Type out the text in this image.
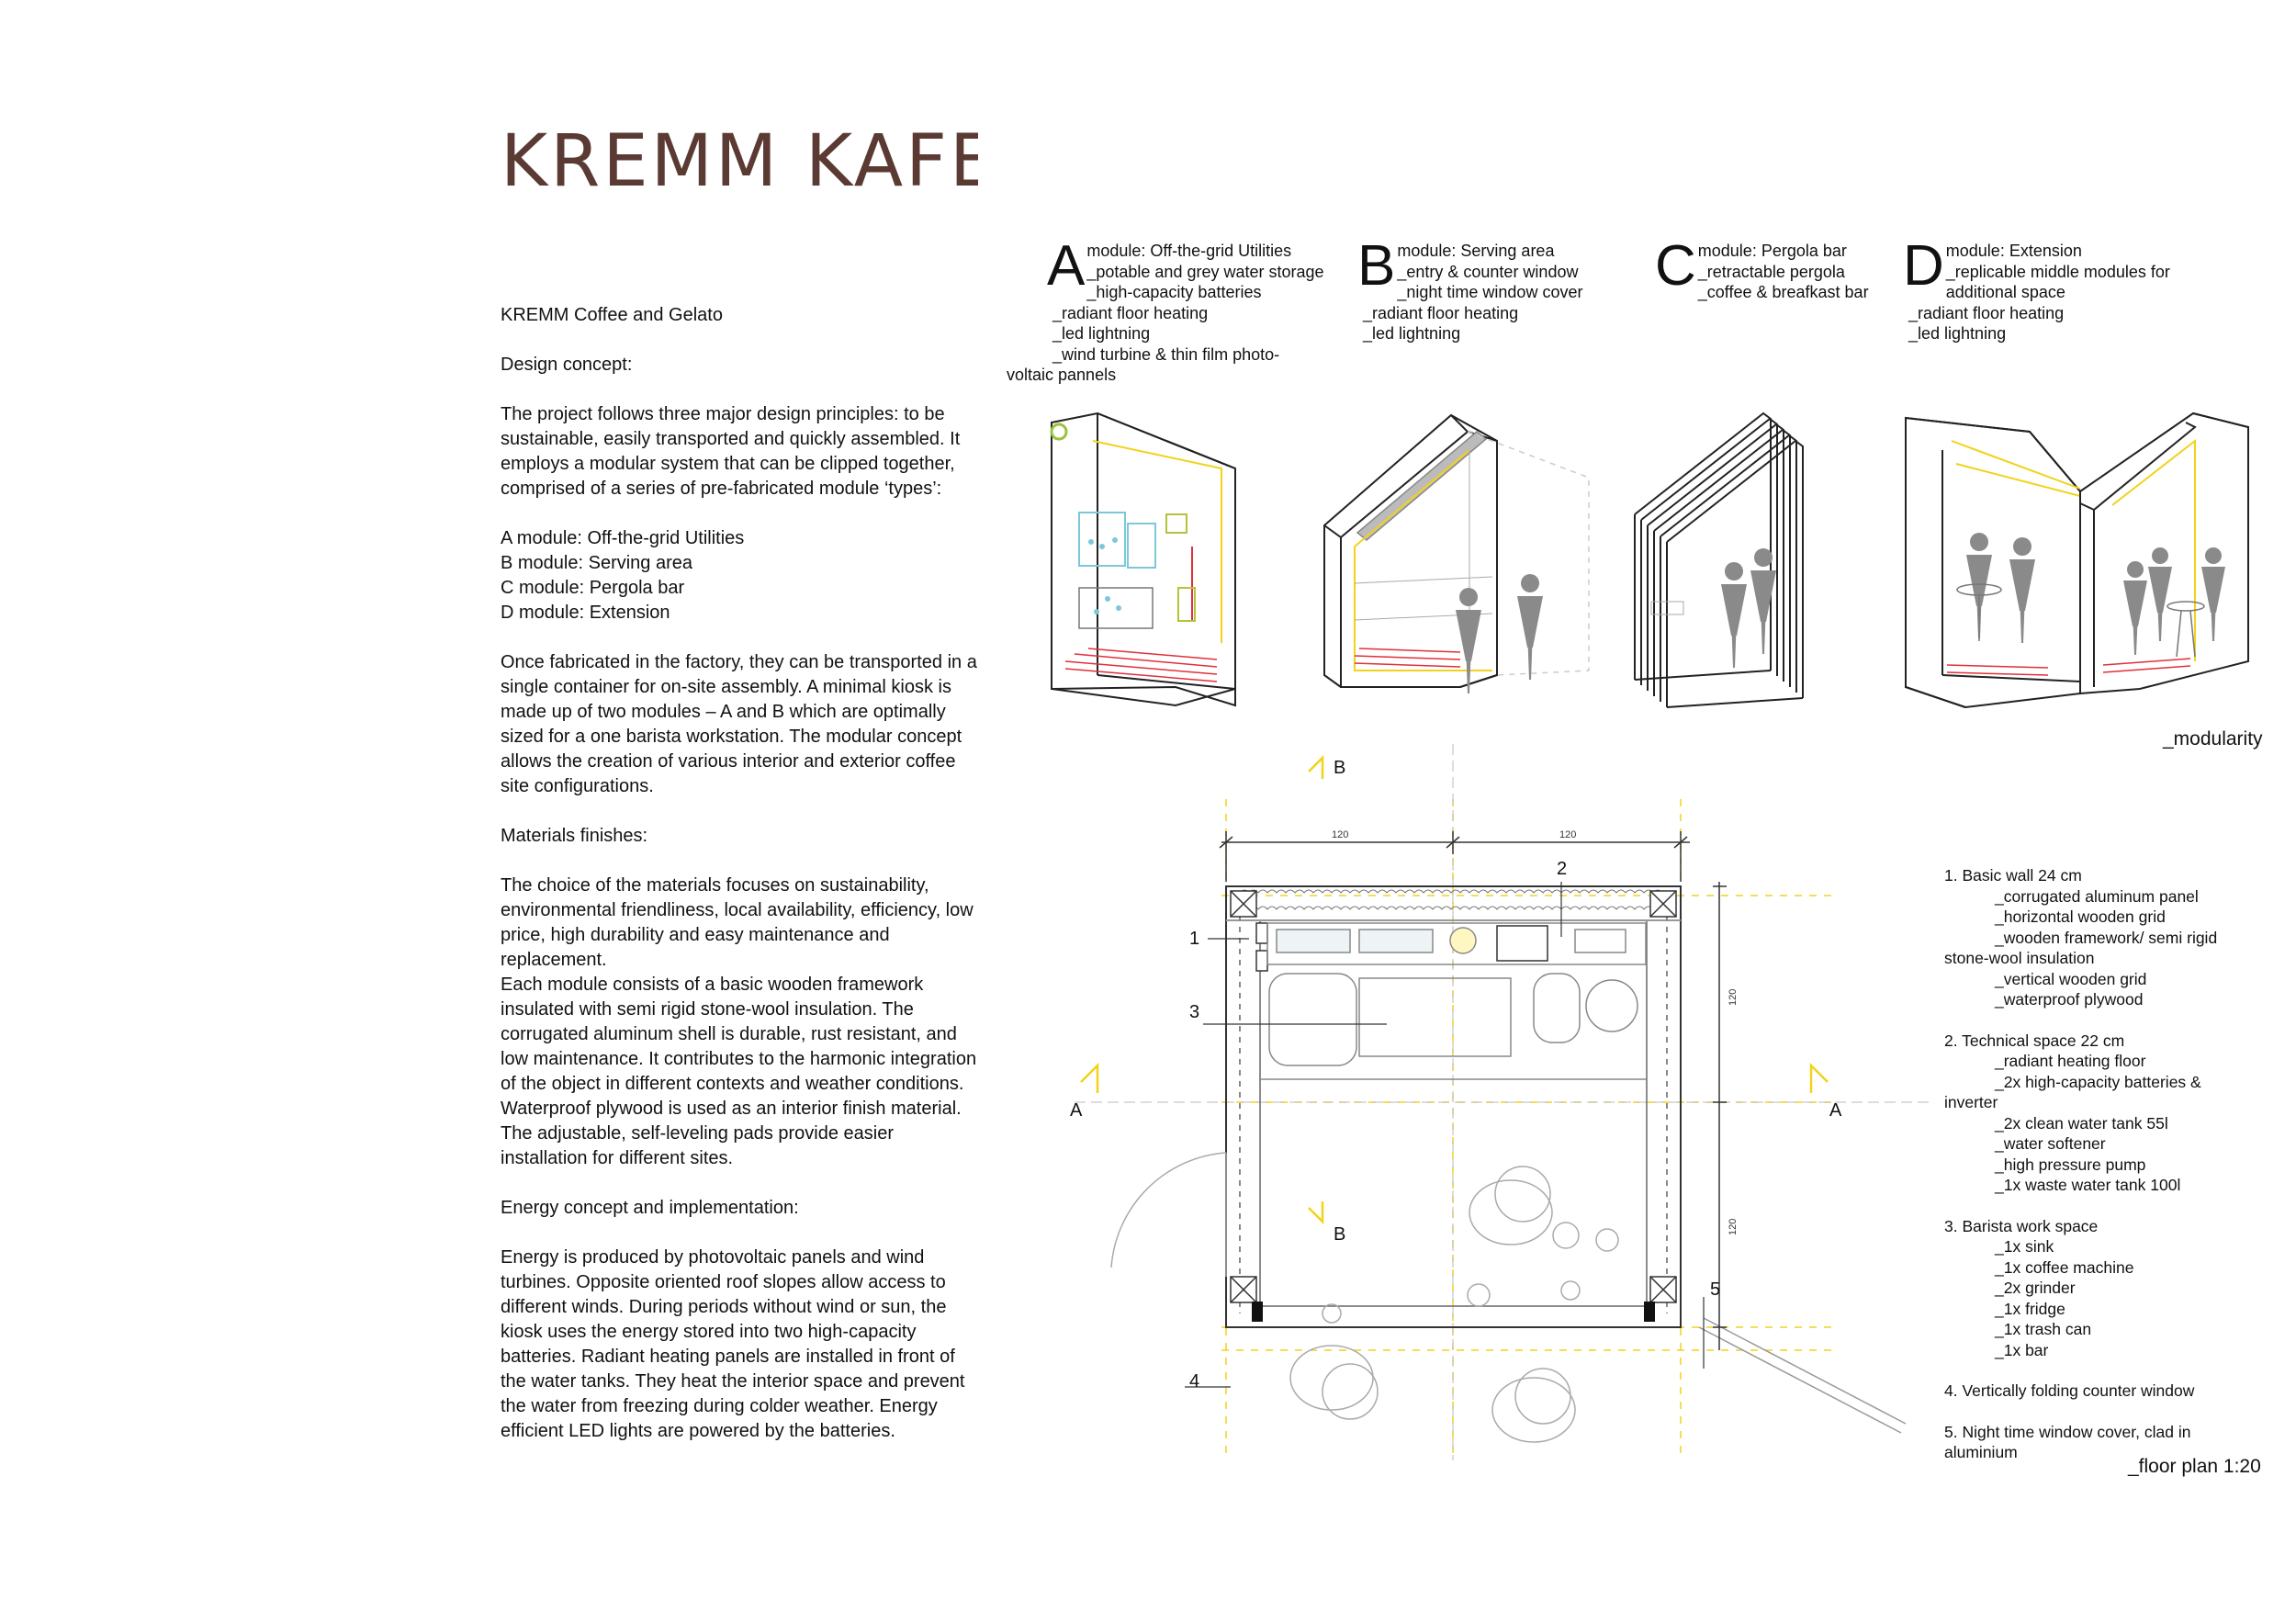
KREMM KAFE

KREMM Coffee and Gelato

Design concept:

The project follows three major design principles: to be sustainable, easily transported and quickly assembled. It employs a modular system that can be clipped together, comprised of a series of pre-fabricated module ‘types’:

A module: Off-the-grid Utilities
B module: Serving area
C module: Pergola bar
D module: Extension

Once fabricated in the factory, they can be transported in a single container for on-site assembly. A minimal kiosk is made up of two modules – A and B which are optimally sized for a one barista workstation. The modular concept allows the creation of various interior and exterior coffee site configurations.

Materials finishes:

The choice of the materials focuses on sustainability, environmental friendliness, local availability, efficiency, low price, high durability and easy maintenance and replacement.

Each module consists of a basic wooden framework insulated with semi rigid stone-wool insulation. The corrugated aluminum shell is durable, rust resistant, and low maintenance. It contributes to the harmonic integration of the object in different contexts and weather conditions. Waterproof plywood is used as an interior finish material. The adjustable, self-leveling pads provide easier installation for different sites.

Energy concept and implementation:

Energy is produced by photovoltaic panels and wind turbines. Opposite oriented roof slopes allow access to different winds. During periods without wind or sun, the kiosk uses the energy stored into two high-capacity batteries. Radiant heating panels are installed in front of the water tanks. They heat the interior space and prevent the water from freezing during colder weather. Energy efficient LED lights are powered by the batteries.

A module: Off-the-grid Utilities
_potable and grey water storage
_high-capacity batteries
_radiant floor heating
_led lightning
_wind turbine & thin film photo-
voltaic pannels
B module: Serving area
_entry & counter window
_night time window cover
_radiant floor heating
_led lightning
C module: Pergola bar
_retractable pergola
_coffee & breafkast bar D module: Extension
_replicable middle modules for
additional space
_radiant floor heating
_led lightning
_modularity
120	120
120
120
B
B
A	A
1
2
3
4
5
1. Basic wall 24 cm
_corrugated aluminum panel
_horizontal wooden grid
_wooden framework/ semi rigid
stone-wool insulation
_vertical wooden grid
_waterproof plywood
2. Technical space 22 cm
_radiant heating floor
_2x high-capacity batteries &
inverter
_2x clean water tank 55l
_water softener
_high pressure pump
_1x waste water tank 100l
3. Barista work space
_1x sink
_1x coffee machine
_2x grinder
_1x fridge
_1x trash can
_1x bar
4. Vertically folding counter window
5. Night time window cover, clad in
aluminium
_floor plan 1:20
